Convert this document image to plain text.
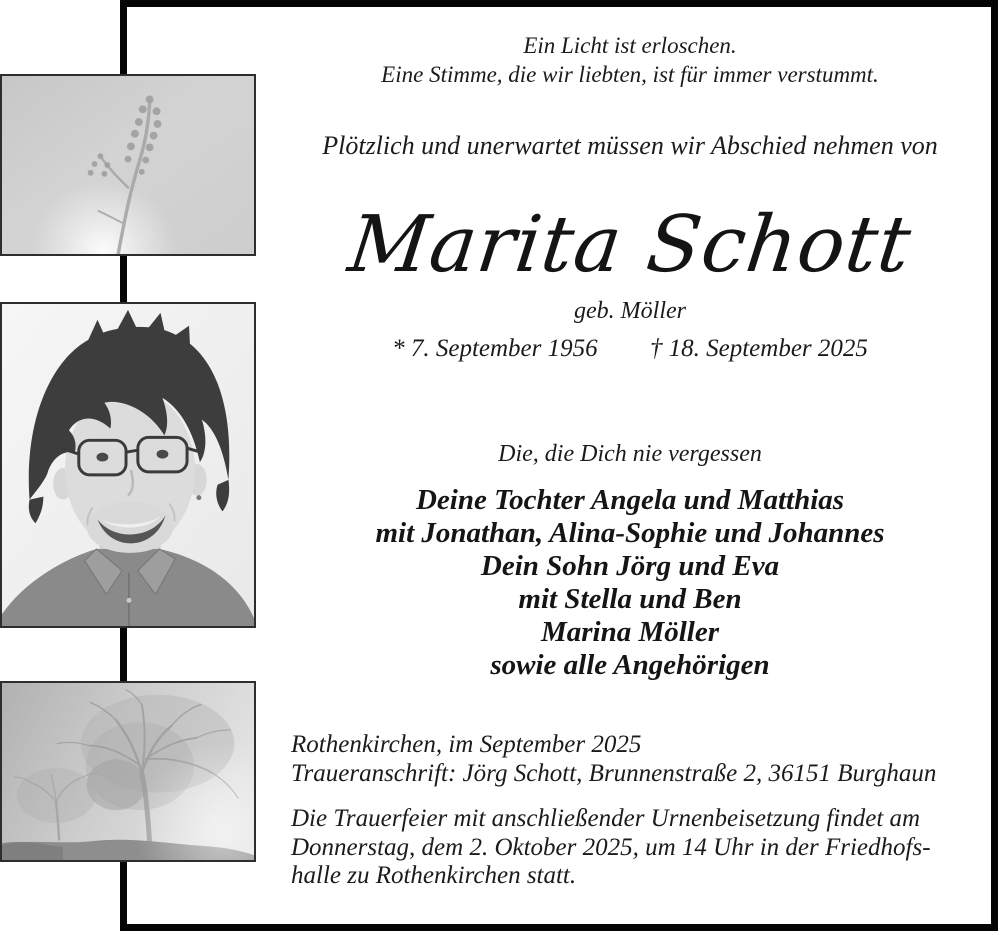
Ein Licht ist erloschen.
Eine Stimme, die wir liebten, ist für immer verstummt.
Plötzlich und unerwartet müssen wir Abschied nehmen von
Marita Schott
geb. Möller
* 7. September 1956 † 18. September 2025
Die, die Dich nie vergessen
Deine Tochter Angela und Matthias
mit Jonathan, Alina-Sophie und Johannes
Dein Sohn Jörg und Eva
mit Stella und Ben
Marina Möller
sowie alle Angehörigen
Rothenkirchen, im September 2025
Traueranschrift: Jörg Schott, Brunnenstraße 2, 36151 Burghaun
Die Trauerfeier mit anschließender Urnenbeisetzung findet am
Donnerstag, dem 2. Oktober 2025, um 14 Uhr in der Friedhofs-
halle zu Rothenkirchen statt.
